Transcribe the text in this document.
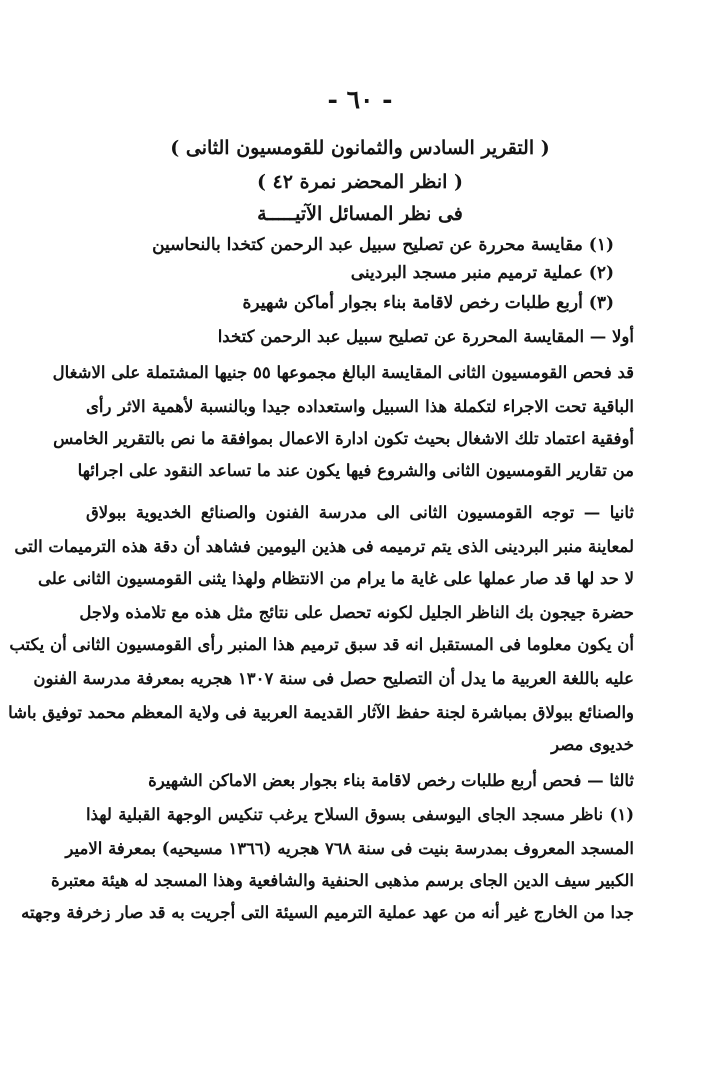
- ٦٠ -
( التقرير السادس والثمانون للقومسيون الثانى )
( انظر المحضر نمرة ٤٢ )
فى نظر المسائل الآتيـــــة
(١) مقايسة محررة عن تصليح سبيل عبد الرحمن كتخدا بالنحاسين
(٢) عملية ترميم منبر مسجد البردينى
(٣) أربع طلبات رخص لاقامة بناء بجوار أماكن شهيرة
أولا — المقايسة المحررة عن تصليح سبيل عبد الرحمن كتخدا
قد فحص القومسيون الثانى المقايسة البالغ مجموعها ٥٥ جنيها المشتملة على الاشغال
الباقية تحت الاجراء لتكملة هذا السبيل واستعداده جيدا وبالنسبة لأهمية الاثر رأى
أوفقية اعتماد تلك الاشغال بحيث تكون ادارة الاعمال بموافقة ما نص بالتقرير الخامس
من تقارير القومسيون الثانى والشروع فيها يكون عند ما تساعد النقود على اجرائها
ثانيا — توجه القومسيون الثانى الى مدرسة الفنون والصنائع الخديوية ببولاق
لمعاينة منبر البردينى الذى يتم ترميمه فى هذين اليومين فشاهد أن دقة هذه الترميمات التى
لا حد لها قد صار عملها على غاية ما يرام من الانتظام ولهذا يثنى القومسيون الثانى على
حضرة جيجون بك الناظر الجليل لكونه تحصل على نتائج مثل هذه مع تلامذه ولاجل
أن يكون معلوما فى المستقبل انه قد سبق ترميم هذا المنبر رأى القومسيون الثانى أن يكتب
عليه باللغة العربية ما يدل أن التصليح حصل فى سنة ١٣٠٧ هجريه بمعرفة مدرسة الفنون
والصنائع ببولاق بمباشرة لجنة حفظ الآثار القديمة العربية فى ولاية المعظم محمد توفيق باشا
خديوى مصر
ثالثا — فحص أربع طلبات رخص لاقامة بناء بجوار بعض الاماكن الشهيرة
(١) ناظر مسجد الجاى اليوسفى بسوق السلاح يرغب تنكيس الوجهة القبلية لهذا
المسجد المعروف بمدرسة بنيت فى سنة ٧٦٨ هجريه (١٣٦٦ مسيحيه) بمعرفة الامير
الكبير سيف الدين الجاى برسم مذهبى الحنفية والشافعية وهذا المسجد له هيئة معتبرة
جدا من الخارج غير أنه من عهد عملية الترميم السيئة التى أجريت به قد صار زخرفة وجهته
